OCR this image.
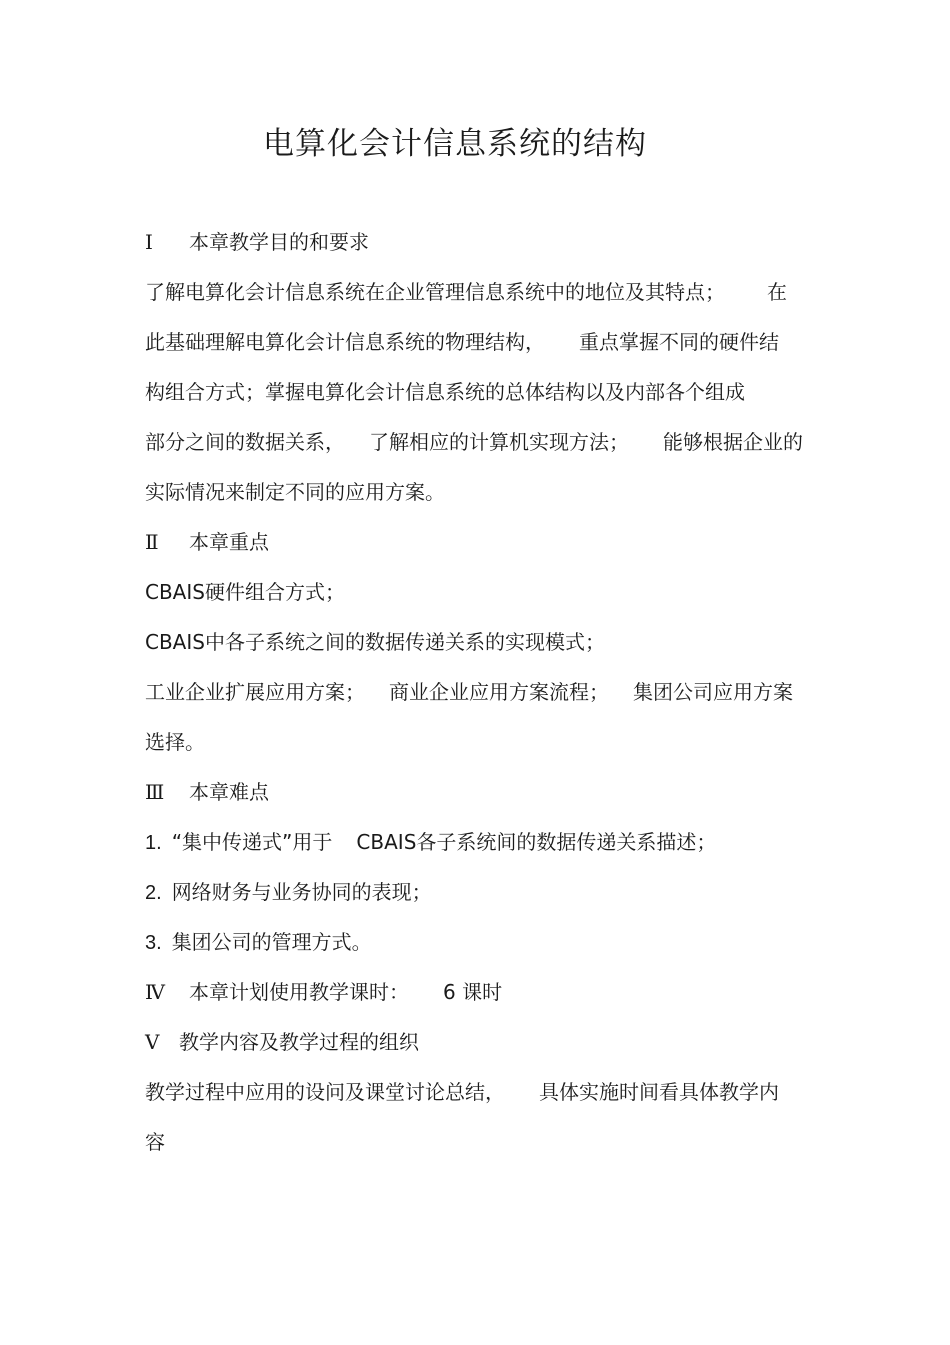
电算化会计信息系统的结构
Ⅰ 本章教学目的和要求
了解电算化会计信息系统在企业管理信息系统中的地位及其特点； 在
此基础理解电算化会计信息系统的物理结构， 重点掌握不同的硬件结
构组合方式；掌握电算化会计信息系统的总体结构以及内部各个组成
部分之间的数据关系， 了解相应的计算机实现方法； 能够根据企业的
实际情况来制定不同的应用方案。
Ⅱ 本章重点
CBAIS硬件组合方式；
CBAIS中各子系统之间的数据传递关系的实现模式；
工业企业扩展应用方案； 商业企业应用方案流程； 集团公司应用方案
选择。
Ⅲ 本章难点
1. “集中传递式”用于 CBAIS各子系统间的数据传递关系描述；
2. 网络财务与业务协同的表现；
3. 集团公司的管理方式。
Ⅳ 本章计划使用教学课时： 6 课时
V 教学内容及教学过程的组织
教学过程中应用的设问及课堂讨论总结， 具体实施时间看具体教学内
容
